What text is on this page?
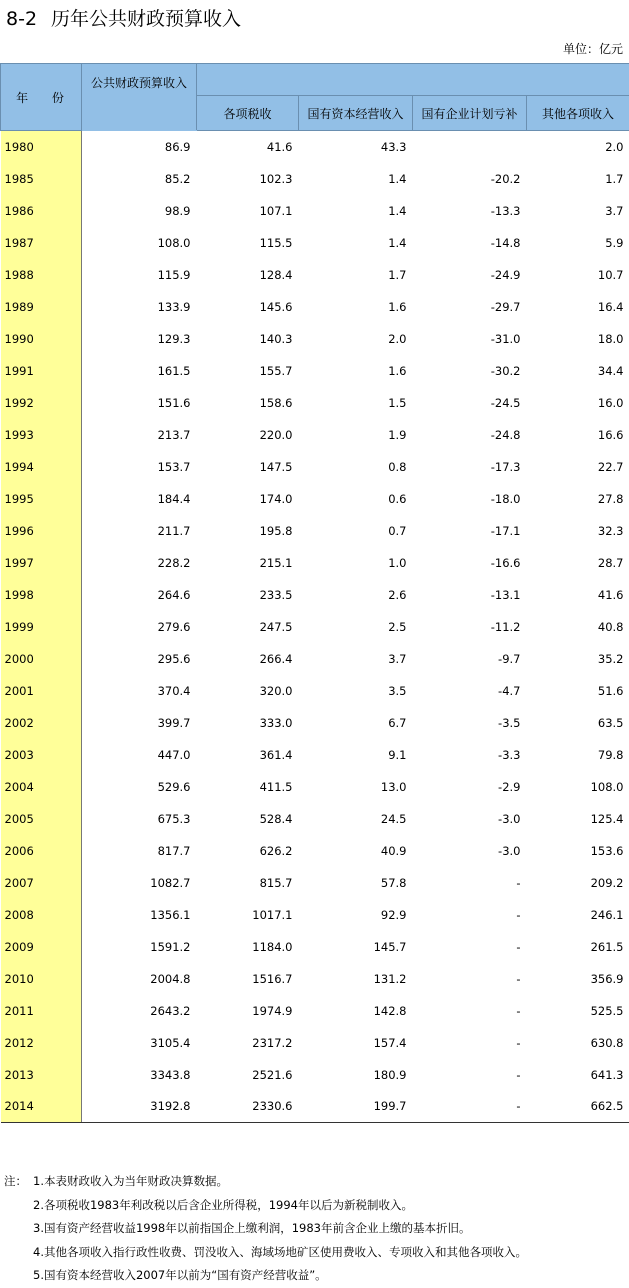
8-2 历年公共财政预算收入
单位：亿元
年 份	公共财政预算收入				
		各项税收	国有资本经营收入	国有企业计划亏补	其他各项收入
1980	86.9	41.6	43.3		2.0
1985	85.2	102.3	1.4	-20.2	1.7
1986	98.9	107.1	1.4	-13.3	3.7
1987	108.0	115.5	1.4	-14.8	5.9
1988	115.9	128.4	1.7	-24.9	10.7
1989	133.9	145.6	1.6	-29.7	16.4
1990	129.3	140.3	2.0	-31.0	18.0
1991	161.5	155.7	1.6	-30.2	34.4
1992	151.6	158.6	1.5	-24.5	16.0
1993	213.7	220.0	1.9	-24.8	16.6
1994	153.7	147.5	0.8	-17.3	22.7
1995	184.4	174.0	0.6	-18.0	27.8
1996	211.7	195.8	0.7	-17.1	32.3
1997	228.2	215.1	1.0	-16.6	28.7
1998	264.6	233.5	2.6	-13.1	41.6
1999	279.6	247.5	2.5	-11.2	40.8
2000	295.6	266.4	3.7	-9.7	35.2
2001	370.4	320.0	3.5	-4.7	51.6
2002	399.7	333.0	6.7	-3.5	63.5
2003	447.0	361.4	9.1	-3.3	79.8
2004	529.6	411.5	13.0	-2.9	108.0
2005	675.3	528.4	24.5	-3.0	125.4
2006	817.7	626.2	40.9	-3.0	153.6
2007	1082.7	815.7	57.8	-	209.2
2008	1356.1	1017.1	92.9	-	246.1
2009	1591.2	1184.0	145.7	-	261.5
2010	2004.8	1516.7	131.2	-	356.9
2011	2643.2	1974.9	142.8	-	525.5
2012	3105.4	2317.2	157.4	-	630.8
2013	3343.8	2521.6	180.9	-	641.3
2014	3192.8	2330.6	199.7	-	662.5
注： 1.本表财政收入为当年财政决算数据。
2.各项税收1983年利改税以后含企业所得税，1994年以后为新税制收入。
3.国有资产经营收益1998年以前指国企上缴利润，1983年前含企业上缴的基本折旧。
4.其他各项收入指行政性收费、罚没收入、海域场地矿区使用费收入、专项收入和其他各项收入。
5.国有资本经营收入2007年以前为“国有资产经营收益”。
